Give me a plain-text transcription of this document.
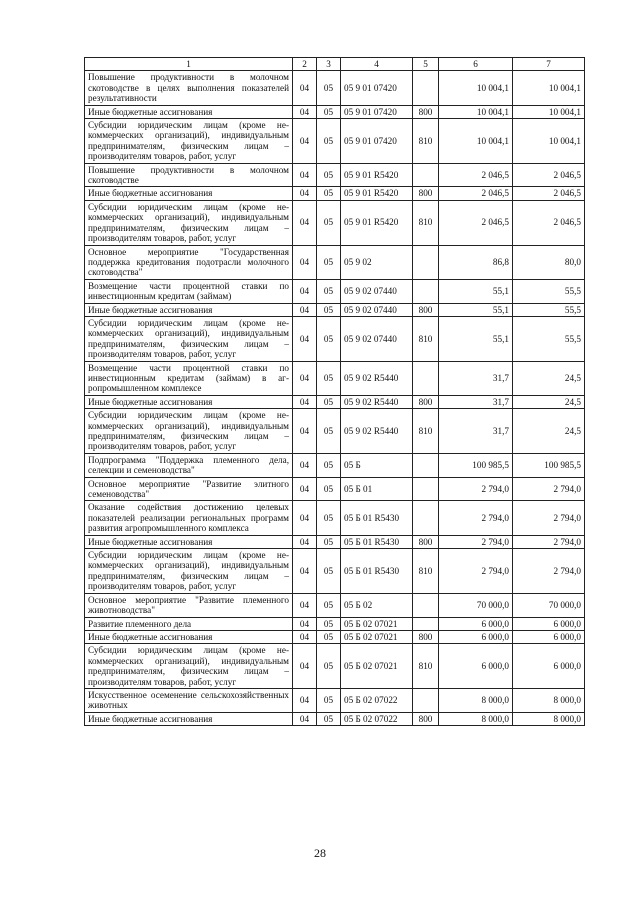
1	2	3	4	5	6	7
Повышение продуктивности в молочном скотоводстве в целях выполнения показателей результативности	04	05	05 9 01 07420		10 004,1	10 004,1
Иные бюджетные ассигнования	04	05	05 9 01 07420	800	10 004,1	10 004,1
Субсидии юридическим лицам (кроме некоммерческих организаций), индивидуальным предпринимателям, физическим лицам – производителям товаров, работ, услуг	04	05	05 9 01 07420	810	10 004,1	10 004,1
Повышение продуктивности в молочном скотоводстве	04	05	05 9 01 R5420		2 046,5	2 046,5
Иные бюджетные ассигнования	04	05	05 9 01 R5420	800	2 046,5	2 046,5
Субсидии юридическим лицам (кроме некоммерческих организаций), индивидуальным предпринимателям, физическим лицам – производителям товаров, работ, услуг	04	05	05 9 01 R5420	810	2 046,5	2 046,5
Основное мероприятие "Государственная поддержка кредитования подотрасли молочного скотоводства"	04	05	05 9 02		86,8	80,0
Возмещение части процентной ставки по инвестиционным кредитам (займам)	04	05	05 9 02 07440		55,1	55,5
Иные бюджетные ассигнования	04	05	05 9 02 07440	800	55,1	55,5
Субсидии юридическим лицам (кроме некоммерческих организаций), индивидуальным предпринимателям, физическим лицам – производителям товаров, работ, услуг	04	05	05 9 02 07440	810	55,1	55,5
Возмещение части процентной ставки по инвестиционным кредитам (займам) в агропромышленном комплексе	04	05	05 9 02 R5440		31,7	24,5
Иные бюджетные ассигнования	04	05	05 9 02 R5440	800	31,7	24,5
Субсидии юридическим лицам (кроме некоммерческих организаций), индивидуальным предпринимателям, физическим лицам – производителям товаров, работ, услуг	04	05	05 9 02 R5440	810	31,7	24,5
Подпрограмма "Поддержка племенного дела, селекции и семеноводства"	04	05	05 Б		100 985,5	100 985,5
Основное мероприятие "Развитие элитного семеноводства"	04	05	05 Б 01		2 794,0	2 794,0
Оказание содействия достижению целевых показателей реализации региональных программ развития агропромышленного комплекса	04	05	05 Б 01 R5430		2 794,0	2 794,0
Иные бюджетные ассигнования	04	05	05 Б 01 R5430	800	2 794,0	2 794,0
Субсидии юридическим лицам (кроме некоммерческих организаций), индивидуальным предпринимателям, физическим лицам – производителям товаров, работ, услуг	04	05	05 Б 01 R5430	810	2 794,0	2 794,0
Основное мероприятие "Развитие племенного животноводства"	04	05	05 Б 02		70 000,0	70 000,0
Развитие племенного дела	04	05	05 Б 02 07021		6 000,0	6 000,0
Иные бюджетные ассигнования	04	05	05 Б 02 07021	800	6 000,0	6 000,0
Субсидии юридическим лицам (кроме некоммерческих организаций), индивидуальным предпринимателям, физическим лицам – производителям товаров, работ, услуг	04	05	05 Б 02 07021	810	6 000,0	6 000,0
Искусственное осеменение сельскохозяйственных животных	04	05	05 Б 02 07022		8 000,0	8 000,0
Иные бюджетные ассигнования	04	05	05 Б 02 07022	800	8 000,0	8 000,0
28
